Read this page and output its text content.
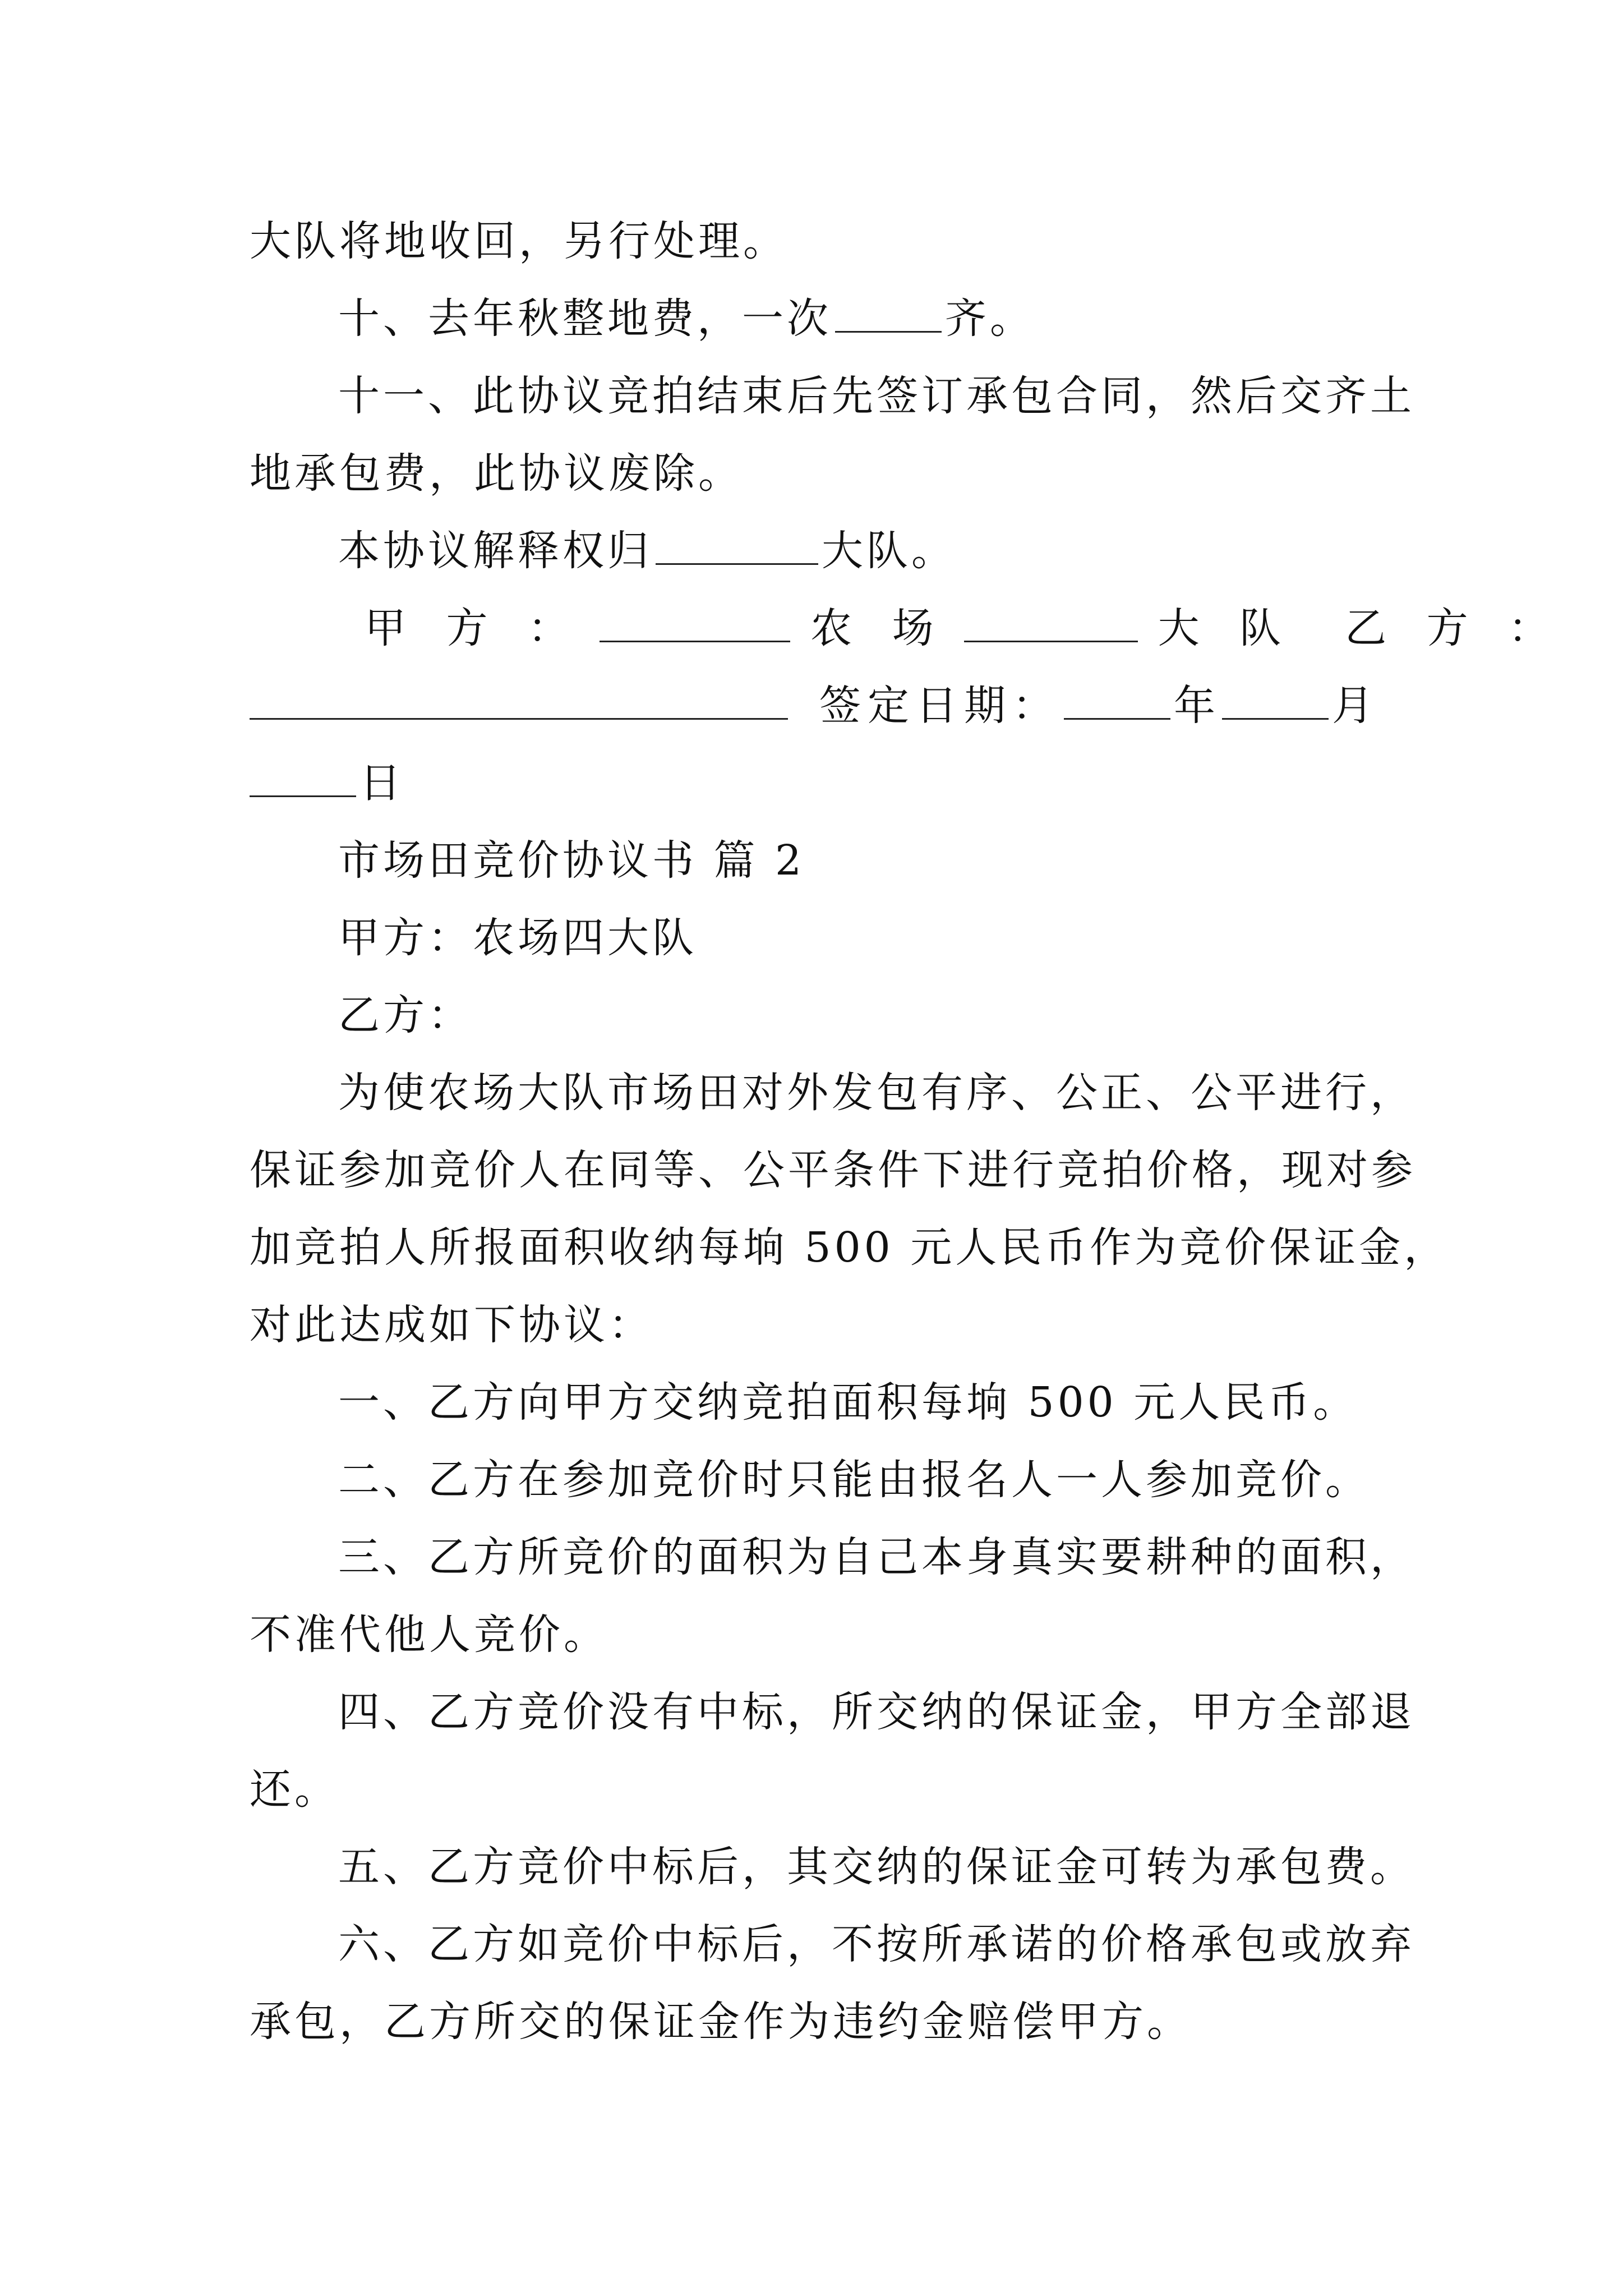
大队将地收回，另行处理。
十、去年秋整地费，一次	齐。
十一、此协议竞拍结束后先签订承包合同，然后交齐土
地承包费，此协议废除。
本协议解释权归	大队。
甲 方 ：	农 场	大 队 乙 方 ：
签定日期：	年	月
日
市场田竞价协议书 篇 2
甲方：农场四大队
乙方：
为使农场大队市场田对外发包有序、公正、公平进行，
保证参加竞价人在同等、公平条件下进行竞拍价格，现对参
加竞拍人所报面积收纳每垧 500 元人民币作为竞价保证金，
对此达成如下协议：
一、乙方向甲方交纳竞拍面积每垧 500 元人民币。
二、乙方在参加竞价时只能由报名人一人参加竞价。
三、乙方所竞价的面积为自己本身真实要耕种的面积，
不准代他人竞价。
四、乙方竞价没有中标，所交纳的保证金，甲方全部退
还。
五、乙方竞价中标后，其交纳的保证金可转为承包费。
六、乙方如竞价中标后，不按所承诺的价格承包或放弃
承包，乙方所交的保证金作为违约金赔偿甲方。
